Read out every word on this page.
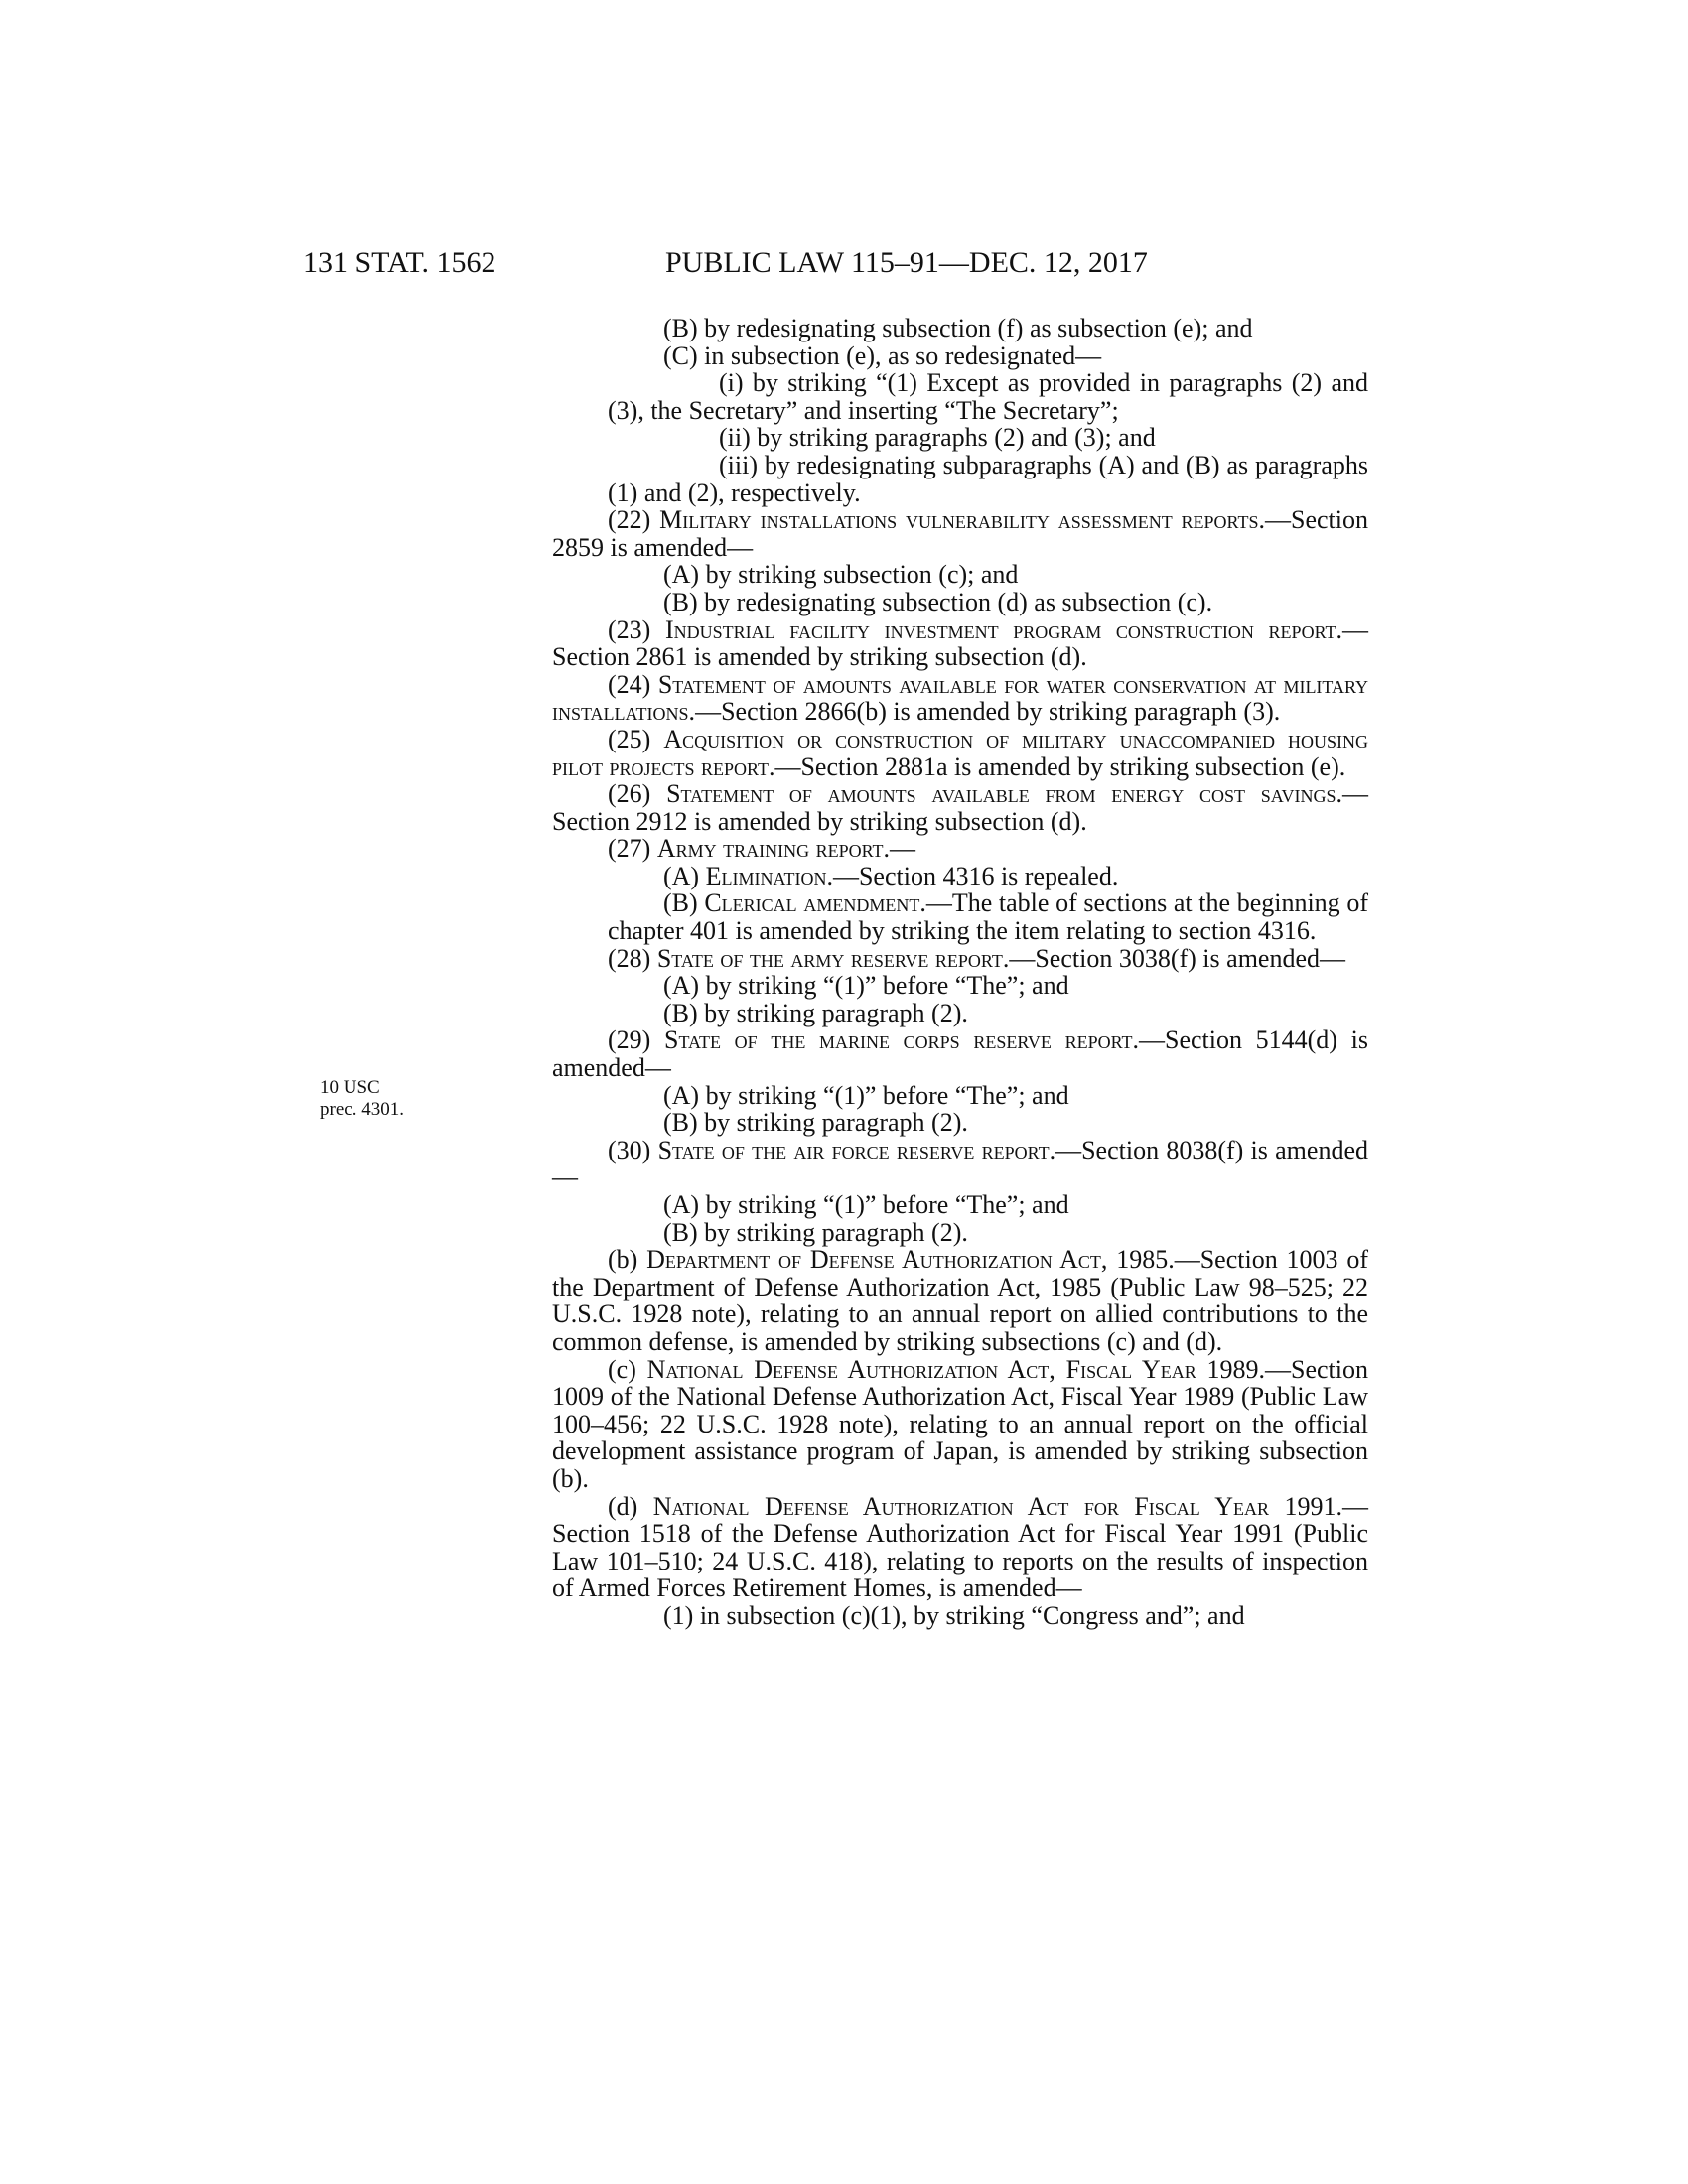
131 STAT. 1562	PUBLIC LAW 115–91—DEC. 12, 2017
10 USC
prec. 4301.
(B) by redesignating subsection (f) as subsection (e); and
(C) in subsection (e), as so redesignated—
(i) by striking “(1) Except as provided in paragraphs (2) and (3), the Secretary” and inserting “The Secretary”;
(ii) by striking paragraphs (2) and (3); and
(iii) by redesignating subparagraphs (A) and (B) as paragraphs (1) and (2), respectively.
(22) Military installations vulnerability assessment reports.—Section 2859 is amended—
(A) by striking subsection (c); and
(B) by redesignating subsection (d) as subsection (c).
(23) Industrial facility investment program construction report.—Section 2861 is amended by striking subsection (d).
(24) Statement of amounts available for water conservation at military installations.—Section 2866(b) is amended by striking paragraph (3).
(25) Acquisition or construction of military unaccompanied housing pilot projects report.—Section 2881a is amended by striking subsection (e).
(26) Statement of amounts available from energy cost savings.—Section 2912 is amended by striking subsection (d).
(27) Army training report.—
(A) Elimination.—Section 4316 is repealed.
(B) Clerical amendment.—The table of sections at the beginning of chapter 401 is amended by striking the item relating to section 4316.
(28) State of the army reserve report.—Section 3038(f) is amended—
(A) by striking “(1)” before “The”; and
(B) by striking paragraph (2).
(29) State of the marine corps reserve report.—Section 5144(d) is amended—
(A) by striking “(1)” before “The”; and
(B) by striking paragraph (2).
(30) State of the air force reserve report.—Section 8038(f) is amended—
(A) by striking “(1)” before “The”; and
(B) by striking paragraph (2).
(b) Department of Defense Authorization Act, 1985.—Section 1003 of the Department of Defense Authorization Act, 1985 (Public Law 98–525; 22 U.S.C. 1928 note), relating to an annual report on allied contributions to the common defense, is amended by striking subsections (c) and (d).
(c) National Defense Authorization Act, Fiscal Year 1989.—Section 1009 of the National Defense Authorization Act, Fiscal Year 1989 (Public Law 100–456; 22 U.S.C. 1928 note), relating to an annual report on the official development assistance program of Japan, is amended by striking subsection (b).
(d) National Defense Authorization Act for Fiscal Year 1991.—Section 1518 of the Defense Authorization Act for Fiscal Year 1991 (Public Law 101–510; 24 U.S.C. 418), relating to reports on the results of inspection of Armed Forces Retirement Homes, is amended—
(1) in subsection (c)(1), by striking “Congress and”; and
